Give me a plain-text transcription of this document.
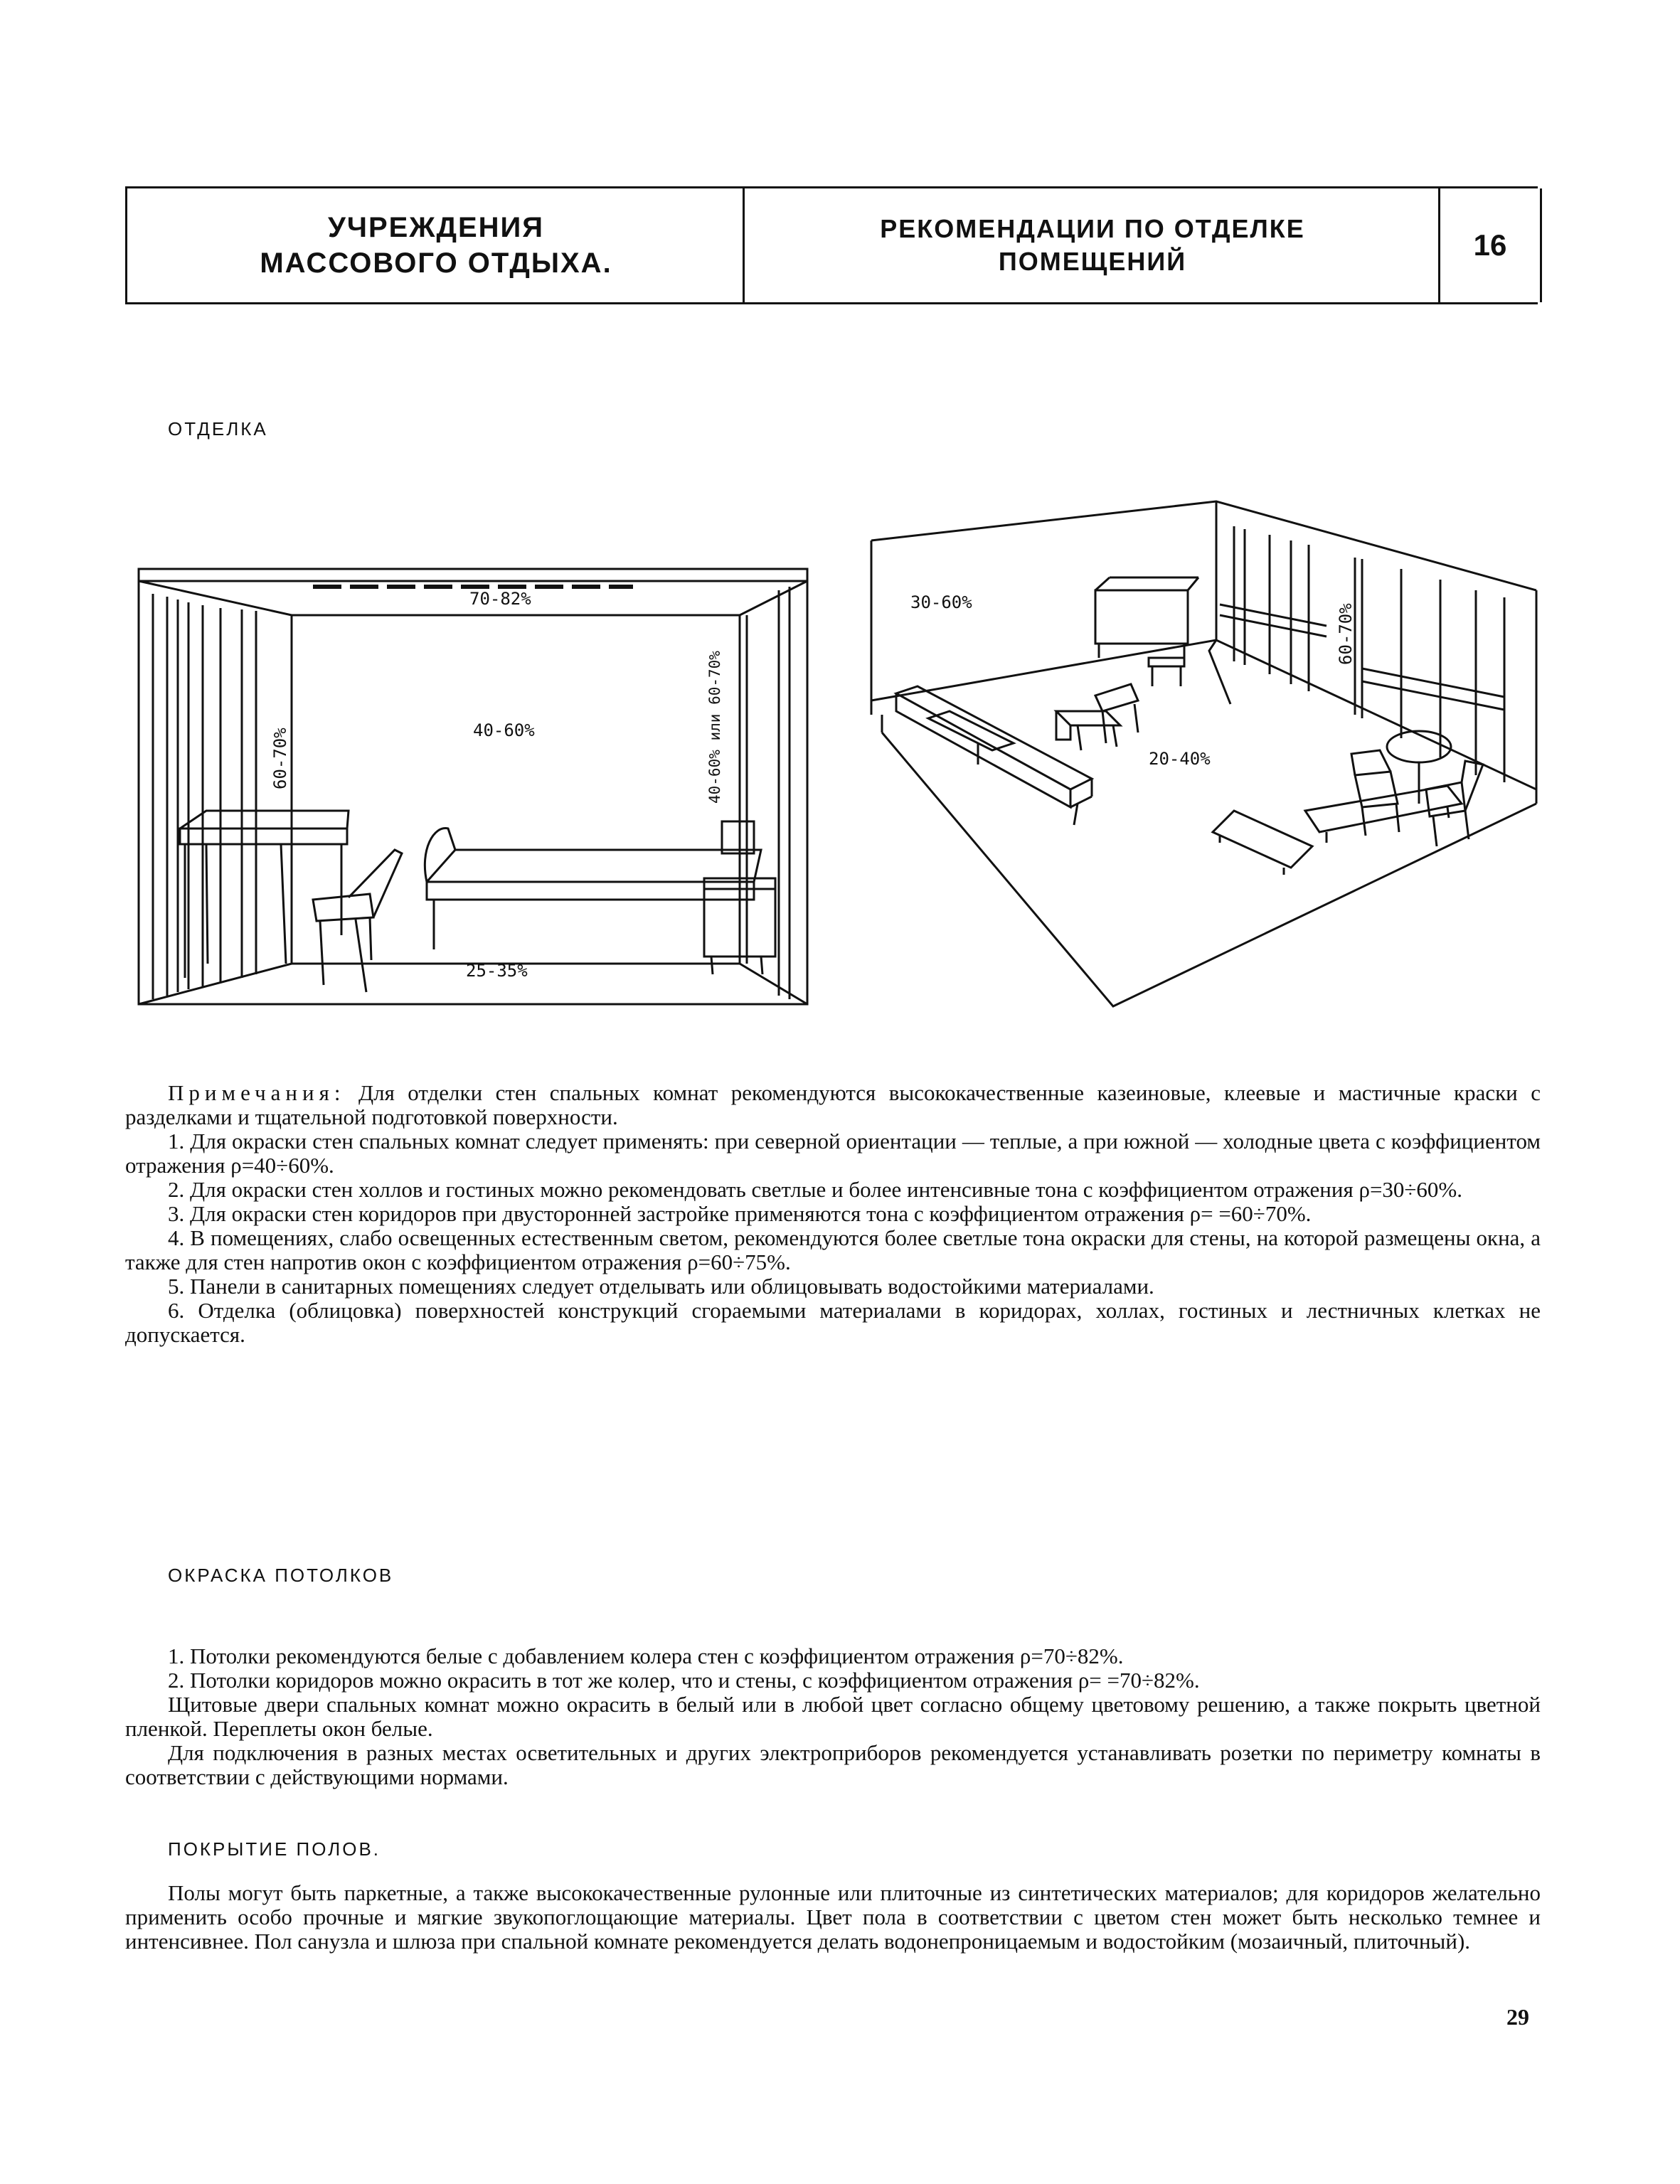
УЧРЕЖДЕНИЯ
МАССОВОГО ОТДЫХА.
РЕКОМЕНДАЦИИ ПО ОТДЕЛКЕ
ПОМЕЩЕНИЙ	16
ОТДЕЛКА
70-82%
40-60%
60-70%	40-60% или 60-70%
25-35%
30-60%
60-70%
20-40%

Примечания: Для отделки стен спальных комнат рекомендуются высококачественные казеиновые, клеевые и мастичные краски с разделками и тщательной подготовкой поверхности.

1. Для окраски стен спальных комнат следует применять: при северной ориентации — теплые, а при южной — холодные цвета с коэффициентом отражения ρ=40÷60%.

2. Для окраски стен холлов и гостиных можно рекомендовать светлые и более интенсивные тона с коэффициентом отражения ρ=30÷60%.

3. Для окраски стен коридоров при двусторонней застройке применяются тона с коэффициентом отражения ρ= =60÷70%.

4. В помещениях, слабо освещенных естественным светом, рекомендуются более светлые тона окраски для стены, на которой размещены окна, а также для стен напротив окон с коэффициентом отражения ρ=60÷75%.

5. Панели в санитарных помещениях следует отделывать или облицовывать водостойкими материалами.

6. Отделка (облицовка) поверхностей конструкций сгораемыми материалами в коридорах, холлах, гостиных и лестничных клетках не допускается.

ОКРАСКА ПОТОЛКОВ

1. Потолки рекомендуются белые с добавлением колера стен с коэффициентом отражения ρ=70÷82%.

2. Потолки коридоров можно окрасить в тот же колер, что и стены, с коэффициентом отражения ρ= =70÷82%.

Щитовые двери спальных комнат можно окрасить в белый или в любой цвет согласно общему цветовому решению, а также покрыть цветной пленкой. Переплеты окон белые.

Для подключения в разных местах осветительных и других электроприборов рекомендуется устанавливать розетки по периметру комнаты в соответствии с действующими нормами.

ПОКРЫТИЕ ПОЛОВ.

Полы могут быть паркетные, а также высококачественные рулонные или плиточные из синтетических материалов; для коридоров желательно применить особо прочные и мягкие звукопоглощающие материалы. Цвет пола в соответствии с цветом стен может быть несколько темнее и интенсивнее. Пол санузла и шлюза при спальной комнате рекомендуется делать водонепроницаемым и водостойким (мозаичный, плиточный).

29
